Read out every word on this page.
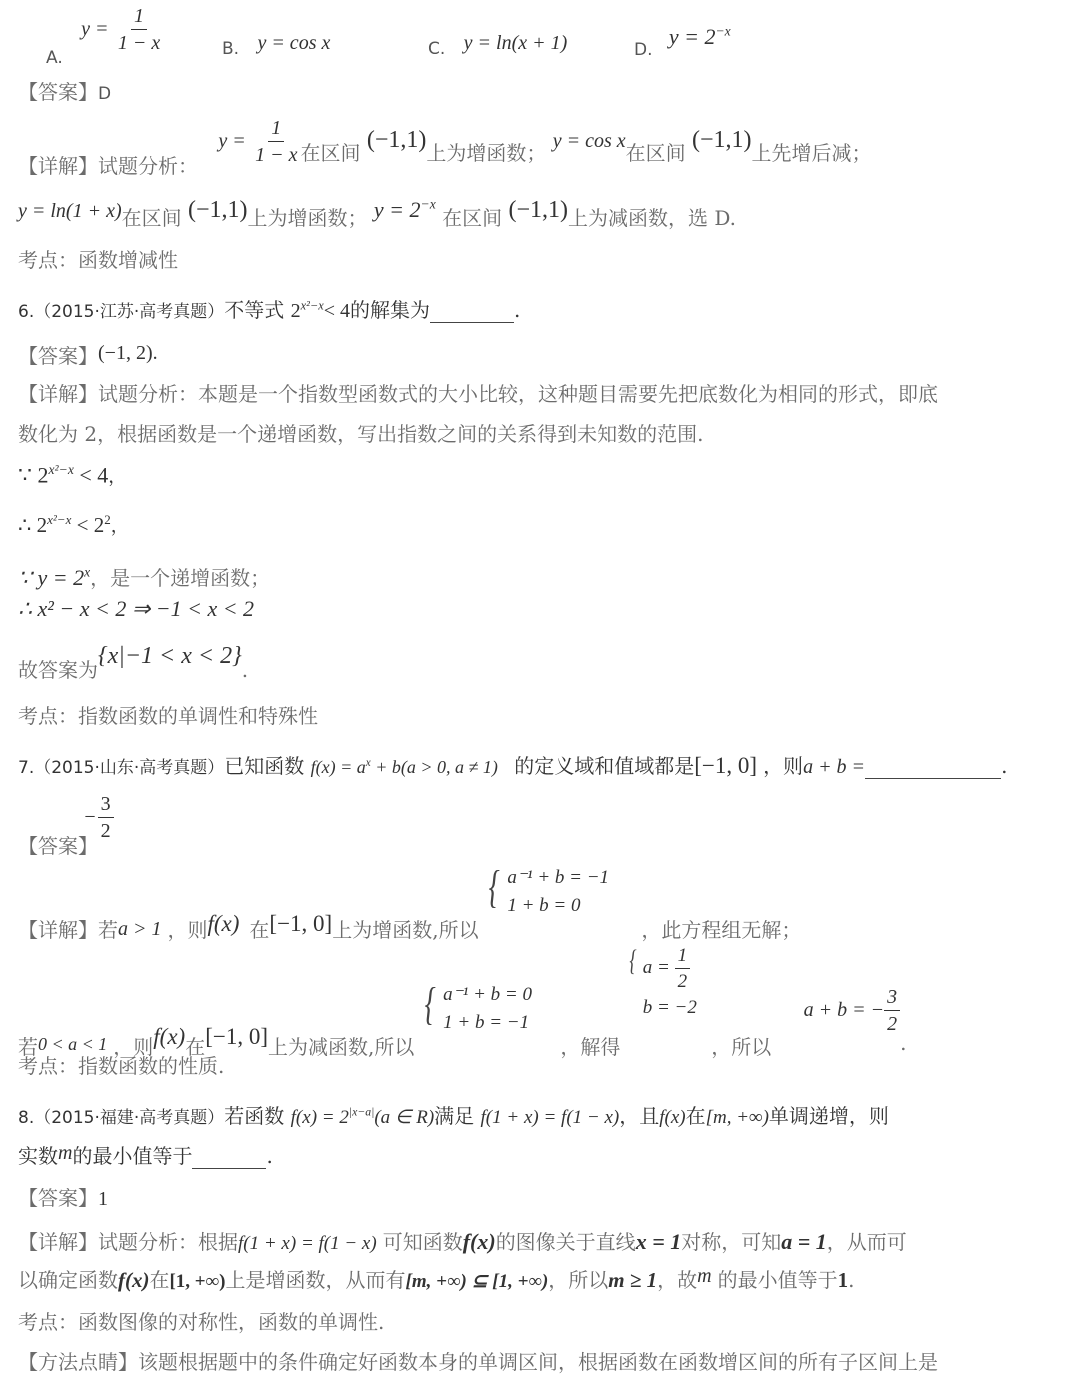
$_{A.}$ $y = \frac{1}{1 - x}$	$_{B.}$ y = cos x	$_{C.}$ y = ln(x + 1)	$_{D.}$ $y = 2^{-x}$
【答案】D
【详解】试题分析： $y = \frac{1}{1 - x}$ 在区间 (−1,1)上为增函数； y = cos x在区间 (−1,1)上先增后减；
y = ln(1 + x)在区间 (−1,1)上为增函数； $y = 2^{-x}$ 在区间 (−1,1)上为减函数，选 D.
考点：函数增减性
6.（2015·江苏·高考真题）不等式 $2^{x^2-x}< 4$的解集为	.
【答案】(−1, 2).
【详解】试题分析：本题是一个指数型函数式的大小比较，这种题目需要先把底数化为相同的形式，即底
数化为 2，根据函数是一个递增函数，写出指数之间的关系得到未知数的范围.
∵ $2^{x^2-x} < 4$，
∴ $2^{x^2-x} < 2^2$，
∵ $y = 2^x$，是一个递增函数；
∴ x² − x < 2 ⇒ −1 < x < 2
故答案为{x|−1 < x < 2}.
考点：指数函数的单调性和特殊性
7.（2015·山东·高考真题）已知函数 $f(x) = a^x + b(a > 0$, a ≠ 1) 的定义域和值域都是[−1, 0] ，则a + b =	.
【答案】
− $\frac{3}{2}$
【详解】若a > 1 ，则f(x) 在[−1, 0]上为增函数,所以
{ a⁻¹ + b = −1
1 + b = 0
，此方程组无解；
若0 < a < 1 ，则f(x)在[−1, 0]上为减函数,所以
{ a⁻¹ + b = 0
1 + b = −1
，解得
{ $a = \frac{1}{2}$
b = −2
，所以
a + b = − $\frac{3}{2}$
.
考点：指数函数的性质.
8.（2015·福建·高考真题）若函数 $f(x) = 2^{|x-a|}(a$ ∈ R)满足 f(1 + x) = f(1 − x)，且f(x)在[m, +∞)单调递增，则
实数m的最小值等于	.
【答案】1
【详解】试题分析：根据f(1 + x) = f(1 − x) 可知函数f(x)的图像关于直线x = 1对称，可知a = 1，从而可
以确定函数f(x)在[1, +∞)上是增函数，从而有[m, +∞) ⊆ [1, +∞)，所以m ≥ 1，故m 的最小值等于1.
考点：函数图像的对称性，函数的单调性.
【方法点睛】该题根据题中的条件确定好函数本身的单调区间，根据函数在函数增区间的所有子区间上是
